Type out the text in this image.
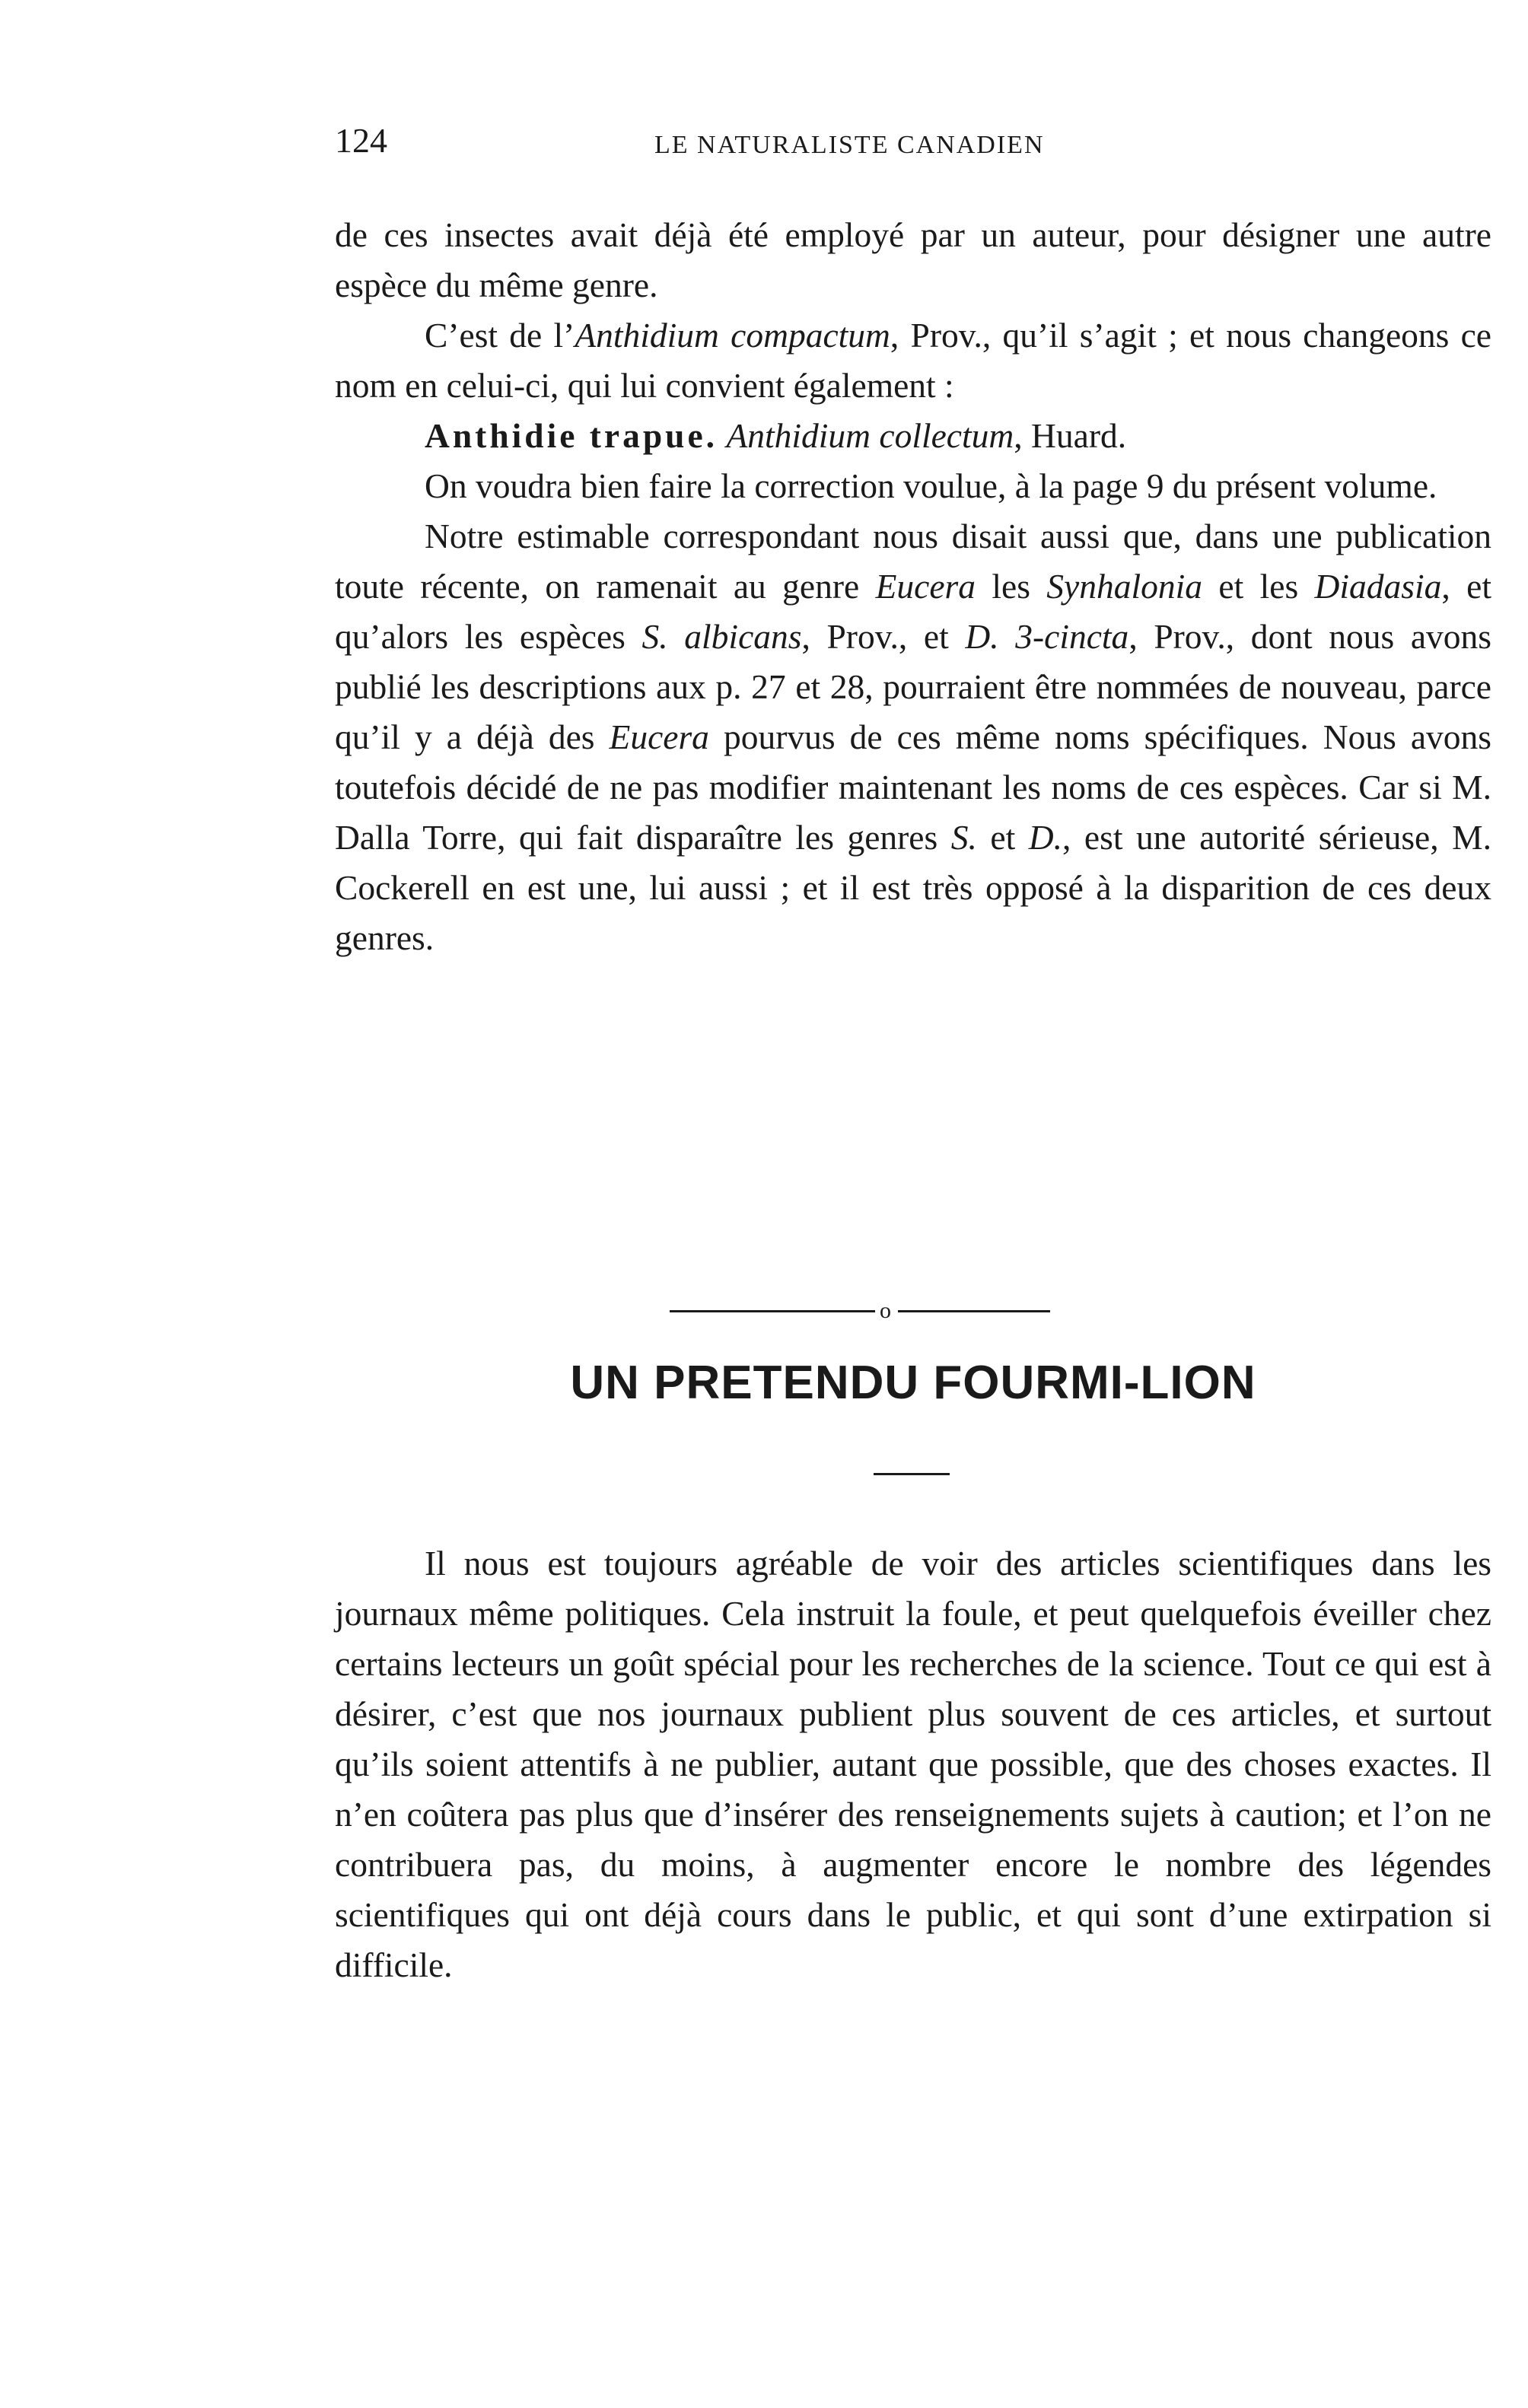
124	LE NATURALISTE CANADIEN

de ces insectes avait déjà été employé par un auteur, pour désigner une autre espèce du même genre.

C’est de l’Anthidium compactum, Prov., qu’il s’agit ; et nous changeons ce nom en celui-ci, qui lui convient également :

Anthidie trapue. Anthidium collectum, Huard.

On voudra bien faire la correction voulue, à la page 9 du présent volume.

Notre estimable correspondant nous disait aussi que, dans une publication toute récente, on ramenait au genre Eucera les Synhalonia et les Diadasia, et qu’alors les espèces S. albicans, Prov., et D. 3-cincta, Prov., dont nous avons publié les descriptions aux p. 27 et 28, pourraient être nommées de nouveau, parce qu’il y a déjà des Eucera pourvus de ces même noms spécifiques. Nous avons toutefois décidé de ne pas modifier maintenant les noms de ces espèces. Car si M. Dalla Torre, qui fait disparaître les genres S. et D., est une autorité sérieuse, M. Cockerell en est une, lui aussi ; et il est très opposé à la disparition de ces deux genres.

o
UN PRETENDU FOURMI-LION

Il nous est toujours agréable de voir des articles scientifiques dans les journaux même politiques. Cela instruit la foule, et peut quelquefois éveiller chez certains lecteurs un goût spécial pour les recherches de la science. Tout ce qui est à désirer, c’est que nos journaux publient plus souvent de ces articles, et surtout qu’ils soient attentifs à ne publier, autant que possible, que des choses exactes. Il n’en coûtera pas plus que d’insérer des renseignements sujets à caution; et l’on ne contribuera pas, du moins, à augmenter encore le nombre des légendes scientifiques qui ont déjà cours dans le public, et qui sont d’une extirpation si difficile.
